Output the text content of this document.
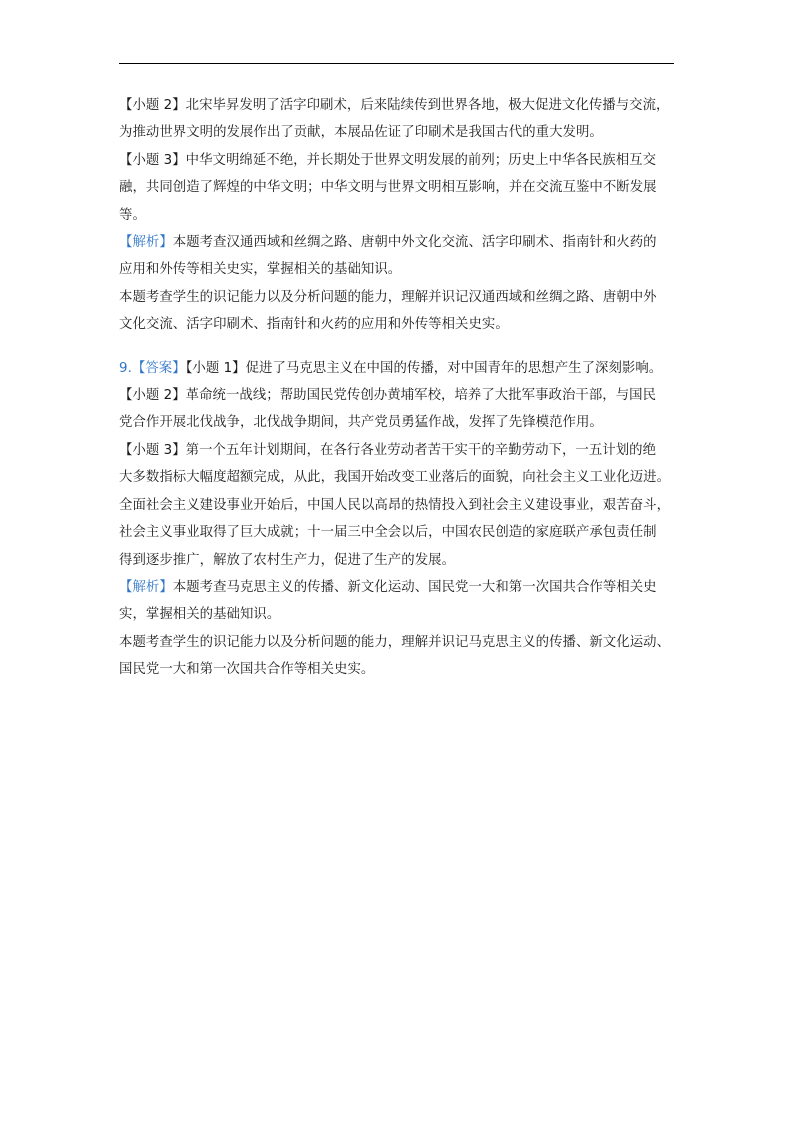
【小题 2】北宋毕昇发明了活字印刷术，后来陆续传到世界各地，极大促进文化传播与交流，

为推动世界文明的发展作出了贡献，本展品佐证了印刷术是我国古代的重大发明。

【小题 3】中华文明绵延不绝，并长期处于世界文明发展的前列；历史上中华各民族相互交

融，共同创造了辉煌的中华文明；中华文明与世界文明相互影响，并在交流互鉴中不断发展

等。

【解析】本题考查汉通西域和丝绸之路、唐朝中外文化交流、活字印刷术、指南针和火药的

应用和外传等相关史实，掌握相关的基础知识。

本题考查学生的识记能力以及分析问题的能力，理解并识记汉通西域和丝绸之路、唐朝中外

文化交流、活字印刷术、指南针和火药的应用和外传等相关史实。

9.【答案】【小题 1】促进了马克思主义在中国的传播，对中国青年的思想产生了深刻影响。

【小题 2】革命统一战线；帮助国民党传创办黄埔军校，培养了大批军事政治干部，与国民

党合作开展北伐战争，北伐战争期间，共产党员勇猛作战，发挥了先锋模范作用。

【小题 3】第一个五年计划期间，在各行各业劳动者苦干实干的辛勤劳动下，一五计划的绝

大多数指标大幅度超额完成，从此，我国开始改变工业落后的面貌，向社会主义工业化迈进。

全面社会主义建设事业开始后，中国人民以高昂的热情投入到社会主义建设事业，艰苦奋斗，

社会主义事业取得了巨大成就；十一届三中全会以后，中国农民创造的家庭联产承包责任制

得到逐步推广，解放了农村生产力，促进了生产的发展。

【解析】本题考查马克思主义的传播、新文化运动、国民党一大和第一次国共合作等相关史

实，掌握相关的基础知识。

本题考查学生的识记能力以及分析问题的能力，理解并识记马克思主义的传播、新文化运动、

国民党一大和第一次国共合作等相关史实。
